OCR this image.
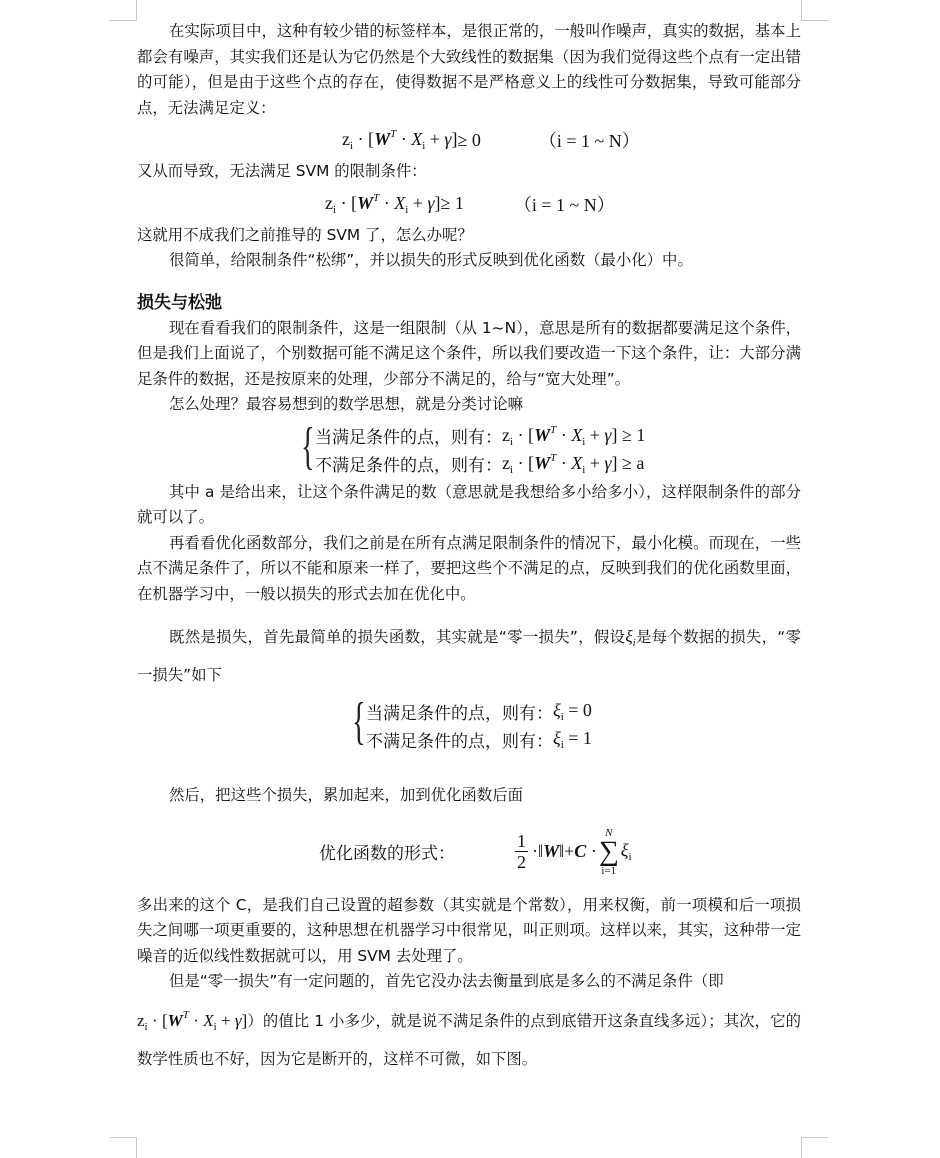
在实际项目中，这种有较少错的标签样本，是很正常的，一般叫作噪声，真实的数据，基本上都会有噪声，其实我们还是认为它仍然是个大致线性的数据集（因为我们觉得这些个点有一定出错的可能），但是由于这些个点的存在，使得数据不是严格意义上的线性可分数据集，导致可能部分点，无法满足定义：

$z_i \cdot [W^T \cdot X_i + \gamma] \ge 0$	（i = 1 ~ N）

又从而导致，无法满足 SVM 的限制条件：

$z_i \cdot [W^T \cdot X_i + \gamma] \ge 1$	（i = 1 ~ N）

这就用不成我们之前推导的 SVM 了，怎么办呢？

很简单，给限制条件“松绑”，并以损失的形式反映到优化函数（最小化）中。

损失与松弛

现在看看我们的限制条件，这是一组限制（从 1~N），意思是所有的数据都要满足这个条件，但是我们上面说了，个别数据可能不满足这个条件，所以我们要改造一下这个条件，让：大部分满足条件的数据，还是按原来的处理，少部分不满足的，给与“宽大处理”。

怎么处理？最容易想到的数学思想，就是分类讨论嘛

{ 当满足条件的点，则有： $z_i \cdot [W^T \cdot X_i + \gamma] \ge 1$
不满足条件的点，则有： $z_i \cdot [W^T \cdot X_i + \gamma] \ge a$

其中 a 是给出来，让这个条件满足的数（意思就是我想给多小给多小），这样限制条件的部分就可以了。

再看看优化函数部分，我们之前是在所有点满足限制条件的情况下，最小化模。而现在，一些点不满足条件了，所以不能和原来一样了，要把这些个不满足的点，反映到我们的优化函数里面，在机器学习中，一般以损失的形式去加在优化中。

既然是损失，首先最简单的损失函数，其实就是“零一损失”，假设$\xi_i$是每个数据的损失，“零一损失”如下

{ 当满足条件的点，则有： $\xi_i = 0$
不满足条件的点，则有： $\xi_i = 1$

然后，把这些个损失，累加起来，加到优化函数后面

优化函数的形式：	$\frac{1}{2}$ ·‖W‖+C ·
N
∑
i=1
$\xi_i$

多出来的这个 C，是我们自己设置的超参数（其实就是个常数），用来权衡，前一项模和后一项损失之间哪一项更重要的，这种思想在机器学习中很常见，叫正则项。这样以来，其实，这种带一定噪音的近似线性数据就可以，用 SVM 去处理了。

但是“零一损失”有一定问题的，首先它没办法去衡量到底是多么的不满足条件（即

$z_i \cdot [W^T \cdot X_i + \gamma]$）的值比 1 小多少，就是说不满足条件的点到底错开这条直线多远）；其次，它的数学性质也不好，因为它是断开的，这样不可微，如下图。
